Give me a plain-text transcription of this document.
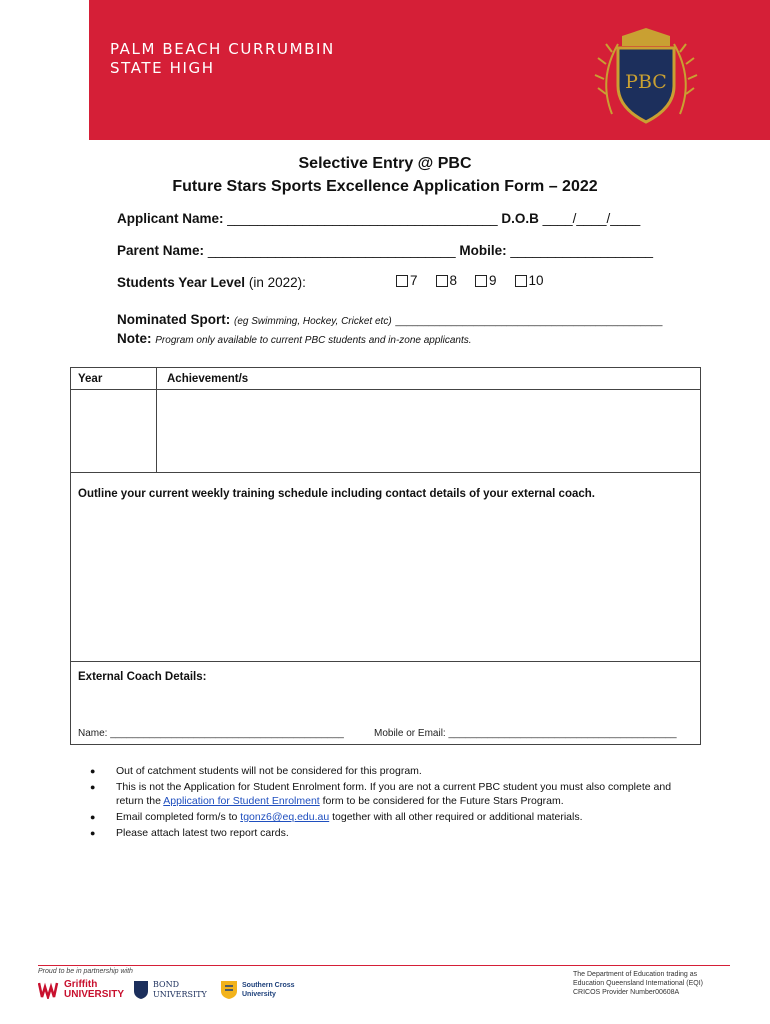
PALM BEACH CURRUMBIN
STATE HIGH
PBC
Selective Entry @ PBC
Future Stars Sports Excellence Application Form – 2022
Applicant Name: ____________________________________ D.O.B ____/____/____
Parent Name: _________________________________ Mobile: ___________________
Students Year Level (in 2022):	7 8 9 10
Nominated Sport: (eg Swimming, Hockey, Cricket etc) ________________________________________________
Note: Program only available to current PBC students and in-zone applicants.
Year	Achievement/s
Outline your current weekly training schedule including contact details of your external coach.
External Coach Details:
Name: __________________________________________	Mobile or Email: _________________________________________
● Out of catchment students will not be considered for this program.
● This is not the Application for Student Enrolment form. If you are not a current PBC student you must also complete and return the Application for Student Enrolment form to be considered for the Future Stars Program.
● Email completed form/s to tgonz6@eq.edu.au together with all other required or additional materials.
● Please attach latest two report cards.
Proud to be in partnership with
Griffith UNIVERSITY
BOND UNIVERSITY
Southern Cross University
The Department of Education trading as
Education Queensland International (EQI)
CRICOS Provider Number00608A
